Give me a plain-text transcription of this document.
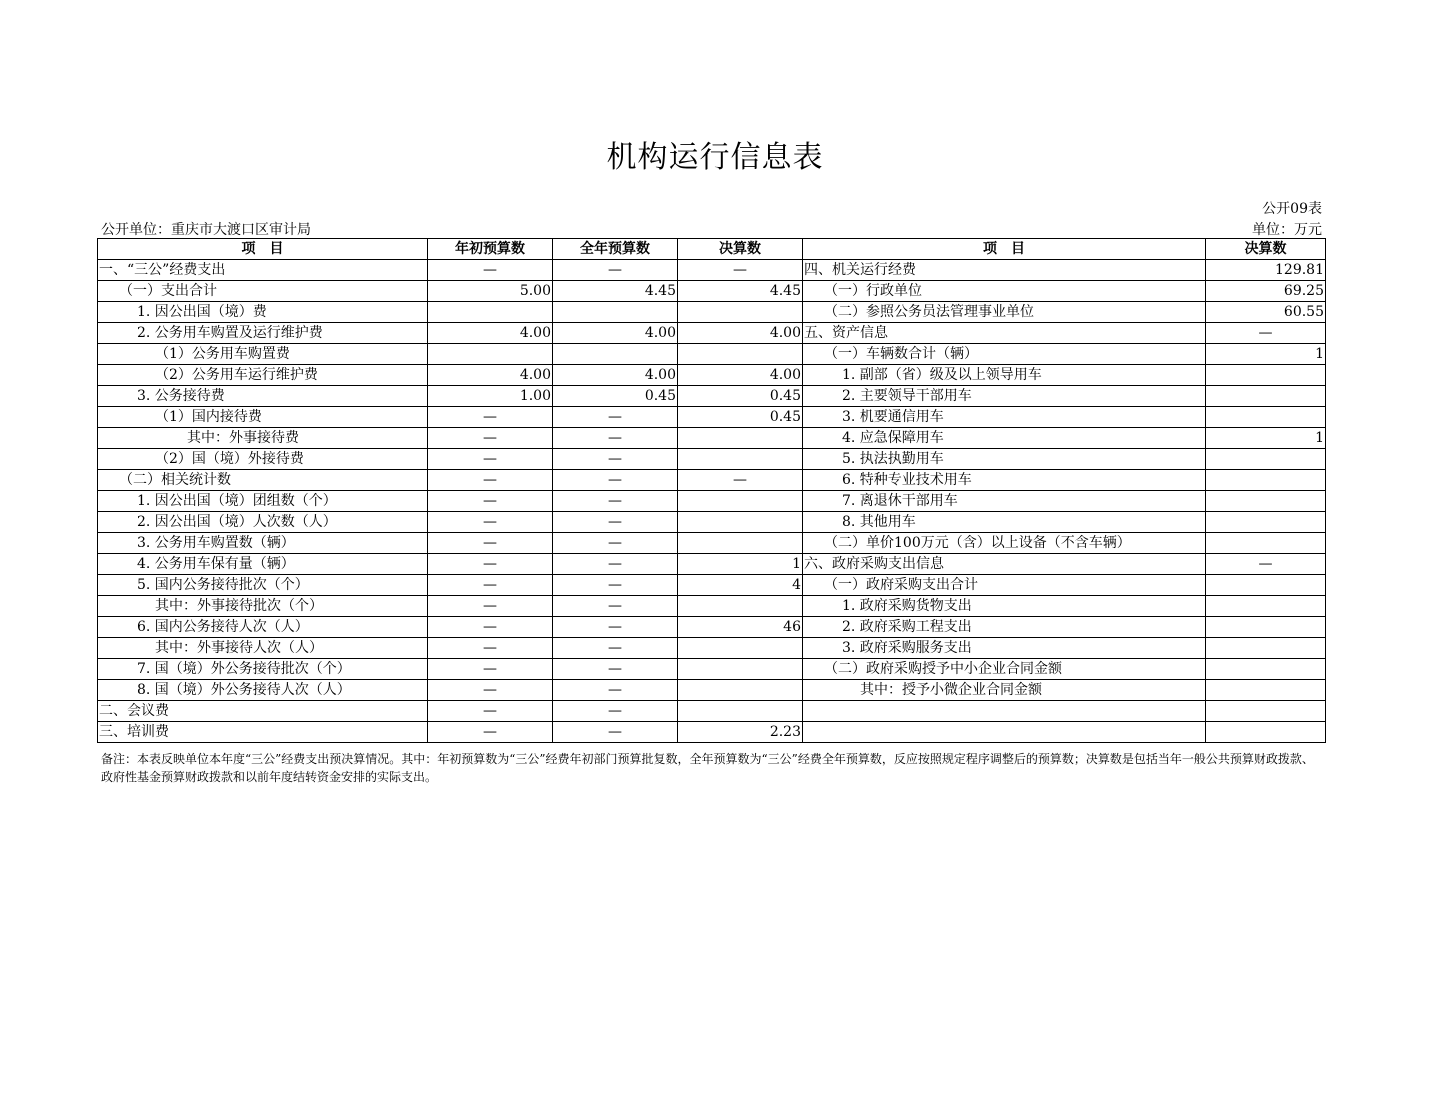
机构运行信息表
公开09表
公开单位：重庆市大渡口区审计局	单位：万元
项　目	年初预算数	全年预算数	决算数	项　目	决算数
一、“三公”经费支出	—	—	—	四、机关运行经费	129.81
（一）支出合计	5.00	4.45	4.45	（一）行政单位	69.25
1. 因公出国（境）费				（二）参照公务员法管理事业单位	60.55
2. 公务用车购置及运行维护费	4.00	4.00	4.00	五、资产信息	—
（1）公务用车购置费				（一）车辆数合计（辆）	1
（2）公务用车运行维护费	4.00	4.00	4.00	1. 副部（省）级及以上领导用车	
3. 公务接待费	1.00	0.45	0.45	2. 主要领导干部用车	
（1）国内接待费	—	—	0.45	3. 机要通信用车	
其中：外事接待费	—	—		4. 应急保障用车	1
（2）国（境）外接待费	—	—		5. 执法执勤用车	
（二）相关统计数	—	—	—	6. 特种专业技术用车	
1. 因公出国（境）团组数（个）	—	—		7. 离退休干部用车	
2. 因公出国（境）人次数（人）	—	—		8. 其他用车	
3. 公务用车购置数（辆）	—	—		（二）单价100万元（含）以上设备（不含车辆）	
4. 公务用车保有量（辆）	—	—	1	六、政府采购支出信息	—
5. 国内公务接待批次（个）	—	—	4	（一）政府采购支出合计	
其中：外事接待批次（个）	—	—		1. 政府采购货物支出	
6. 国内公务接待人次（人）	—	—	46	2. 政府采购工程支出	
其中：外事接待人次（人）	—	—		3. 政府采购服务支出	
7. 国（境）外公务接待批次（个）	—	—		（二）政府采购授予中小企业合同金额	
8. 国（境）外公务接待人次（人）	—	—		其中：授予小微企业合同金额	
二、会议费	—	—			
三、培训费	—	—	2.23		
备注：本表反映单位本年度“三公”经费支出预决算情况。其中：年初预算数为“三公”经费年初部门预算批复数，全年预算数为“三公”经费全年预算数，反应按照规定程序调整后的预算数；决算数是包括当年一般公共预算财政拨款、政府性基金预算财政拨款和以前年度结转资金安排的实际支出。
